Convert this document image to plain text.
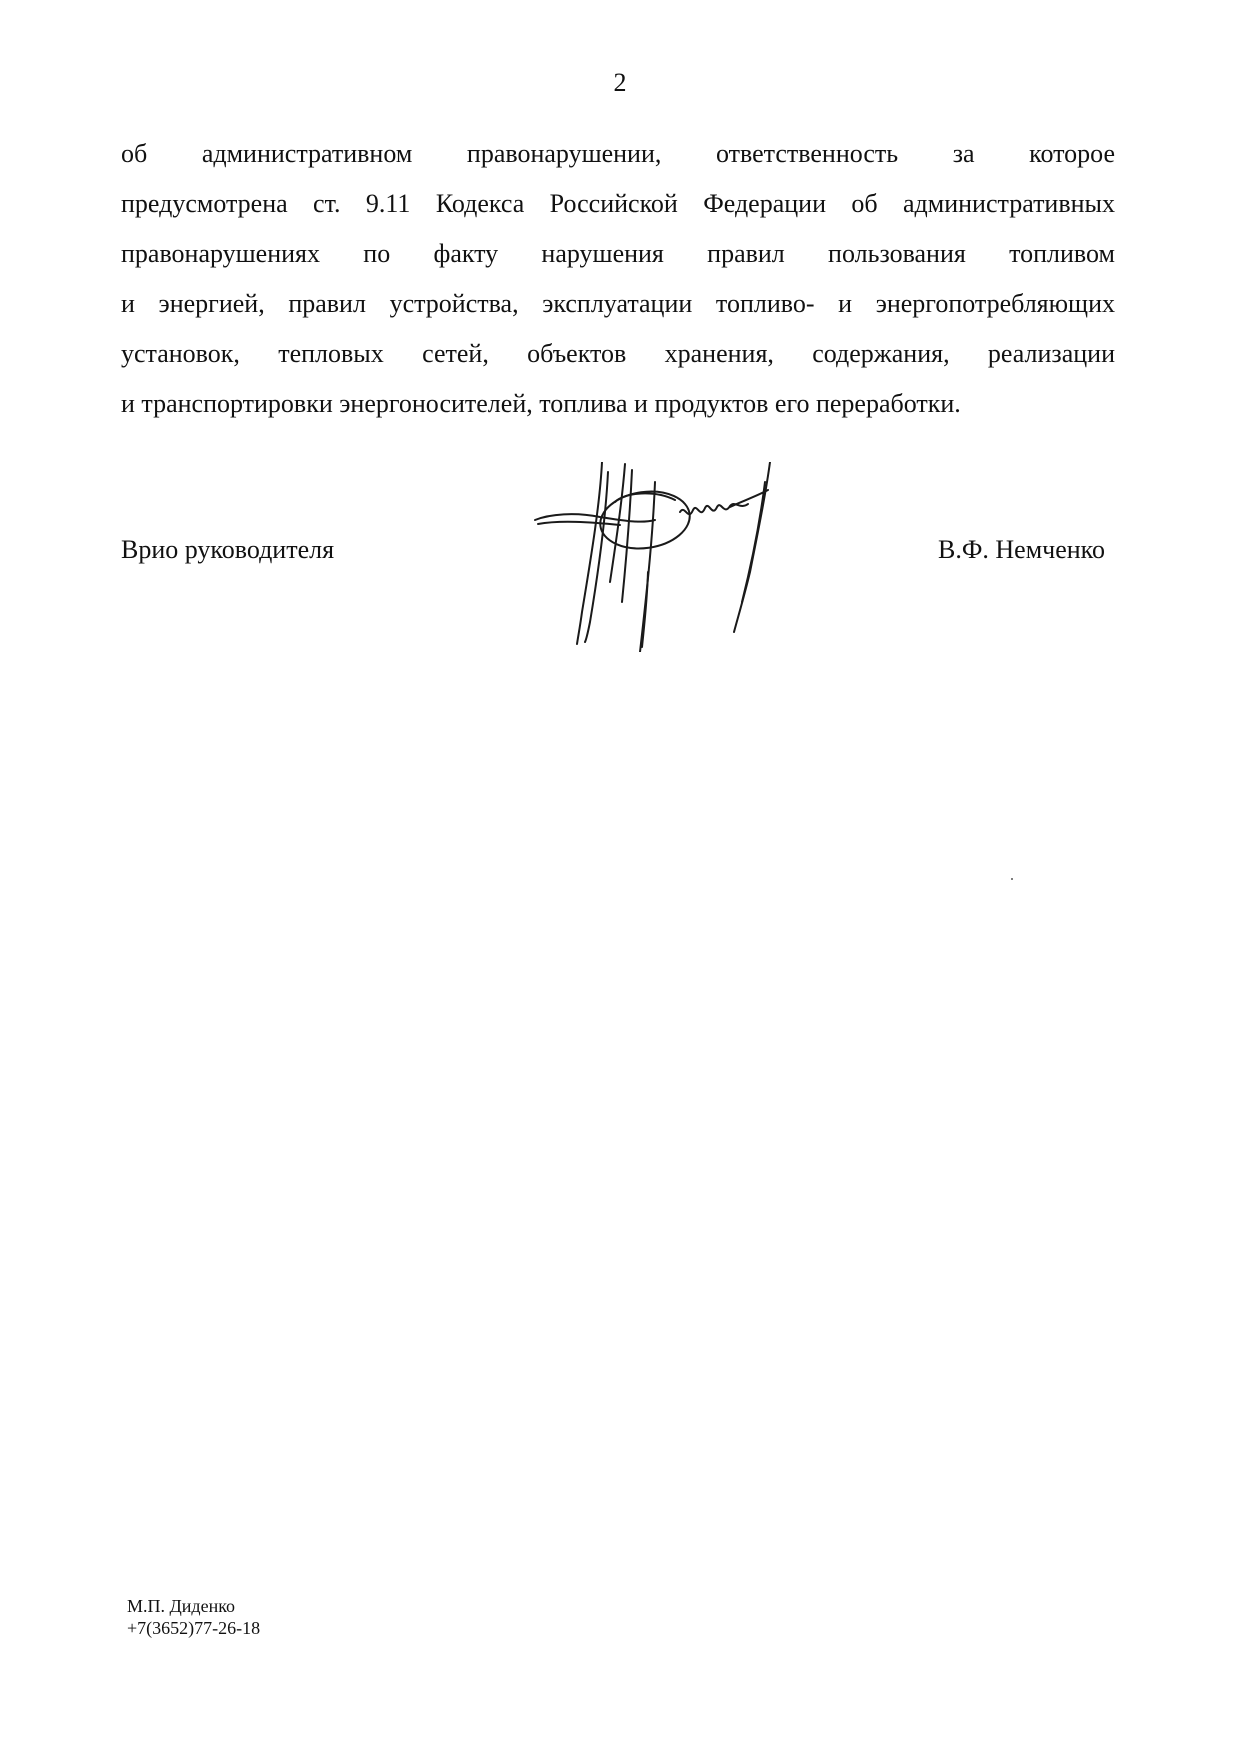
2
об административном правонарушении, ответственность за которое
предусмотрена ст. 9.11 Кодекса Российской Федерации об административных
правонарушениях по факту нарушения правил пользования топливом
и энергией, правил устройства, эксплуатации топливо- и энергопотребляющих
установок, тепловых сетей, объектов хранения, содержания, реализации
и транспортировки энергоносителей, топлива и продуктов его переработки.
Врио руководителя	В.Ф. Немченко
М.П. Диденко
+7(3652)77-26-18
